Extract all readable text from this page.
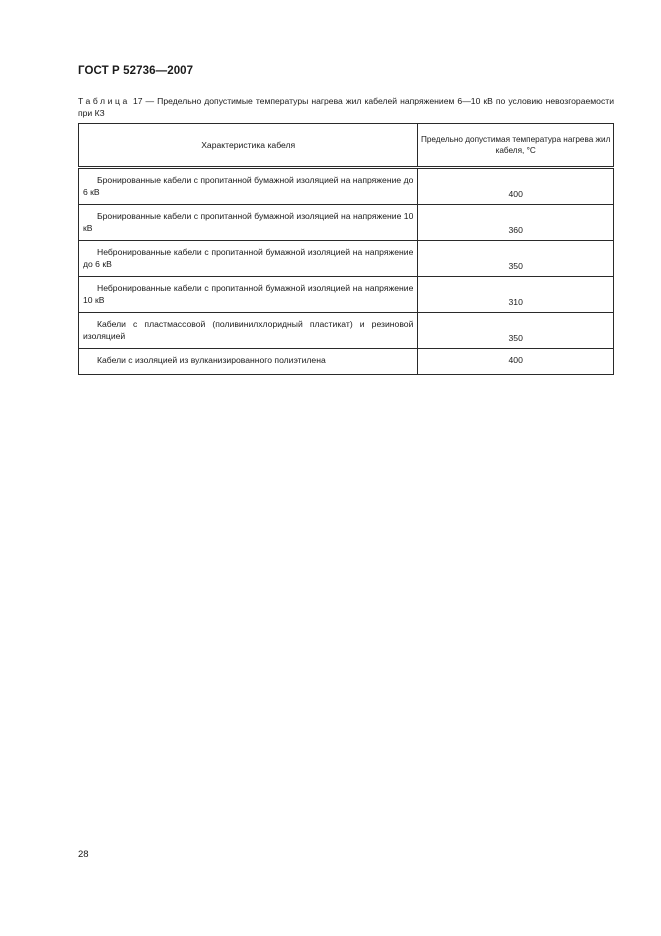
ГОСТ Р 52736—2007
Таблица 17 — Предельно допустимые температуры нагрева жил кабелей напряжением 6—10 кВ по условию невозгораемости при КЗ
Характеристика кабеля	Предельно допустимая температура нагрева жил кабеля, °С
Бронированные кабели с пропитанной бумажной изоляцией на напряжение до 6 кВ	400
Бронированные кабели с пропитанной бумажной изоляцией на напряжение 10 кВ	360
Небронированные кабели с пропитанной бумажной изоляцией на напряжение до 6 кВ	350
Небронированные кабели с пропитанной бумажной изоляцией на напряжение 10 кВ	310
Кабели с пластмассовой (поливинилхлоридный пластикат) и резиновой изоляцией	350
Кабели с изоляцией из вулканизированного полиэтилена	400
28
